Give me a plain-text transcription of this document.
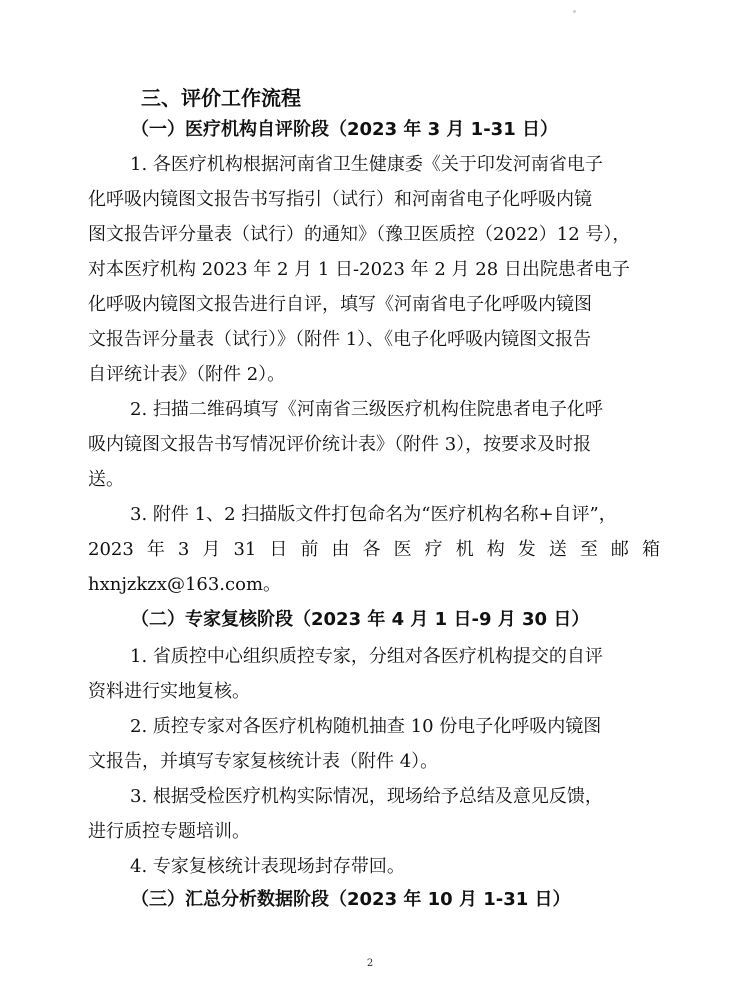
三、评价工作流程
（一）医疗机构自评阶段（2023 年 3 月 1-31 日）
1. 各医疗机构根据河南省卫生健康委《关于印发河南省电子
化呼吸内镜图文报告书写指引（试行）和河南省电子化呼吸内镜
图文报告评分量表（试行）的通知》（豫卫医质控（2022）12 号），
对本医疗机构 2023 年 2 月 1 日-2023 年 2 月 28 日出院患者电子
化呼吸内镜图文报告进行自评，填写《河南省电子化呼吸内镜图
文报告评分量表（试行）》（附件 1）、《电子化呼吸内镜图文报告
自评统计表》（附件 2）。
2. 扫描二维码填写《河南省三级医疗机构住院患者电子化呼
吸内镜图文报告书写情况评价统计表》（附件 3），按要求及时报
送。
3. 附件 1、2 扫描版文件打包命名为“医疗机构名称+自评”，
2023 年 3 月 31 日 前 由 各 医 疗 机 构 发 送 至 邮 箱
hxnjzkzx@163.com。
（二）专家复核阶段（2023 年 4 月 1 日-9 月 30 日）
1. 省质控中心组织质控专家，分组对各医疗机构提交的自评
资料进行实地复核。
2. 质控专家对各医疗机构随机抽查 10 份电子化呼吸内镜图
文报告，并填写专家复核统计表（附件 4）。
3. 根据受检医疗机构实际情况，现场给予总结及意见反馈，
进行质控专题培训。
4. 专家复核统计表现场封存带回。
（三）汇总分析数据阶段（2023 年 10 月 1-31 日）
2
